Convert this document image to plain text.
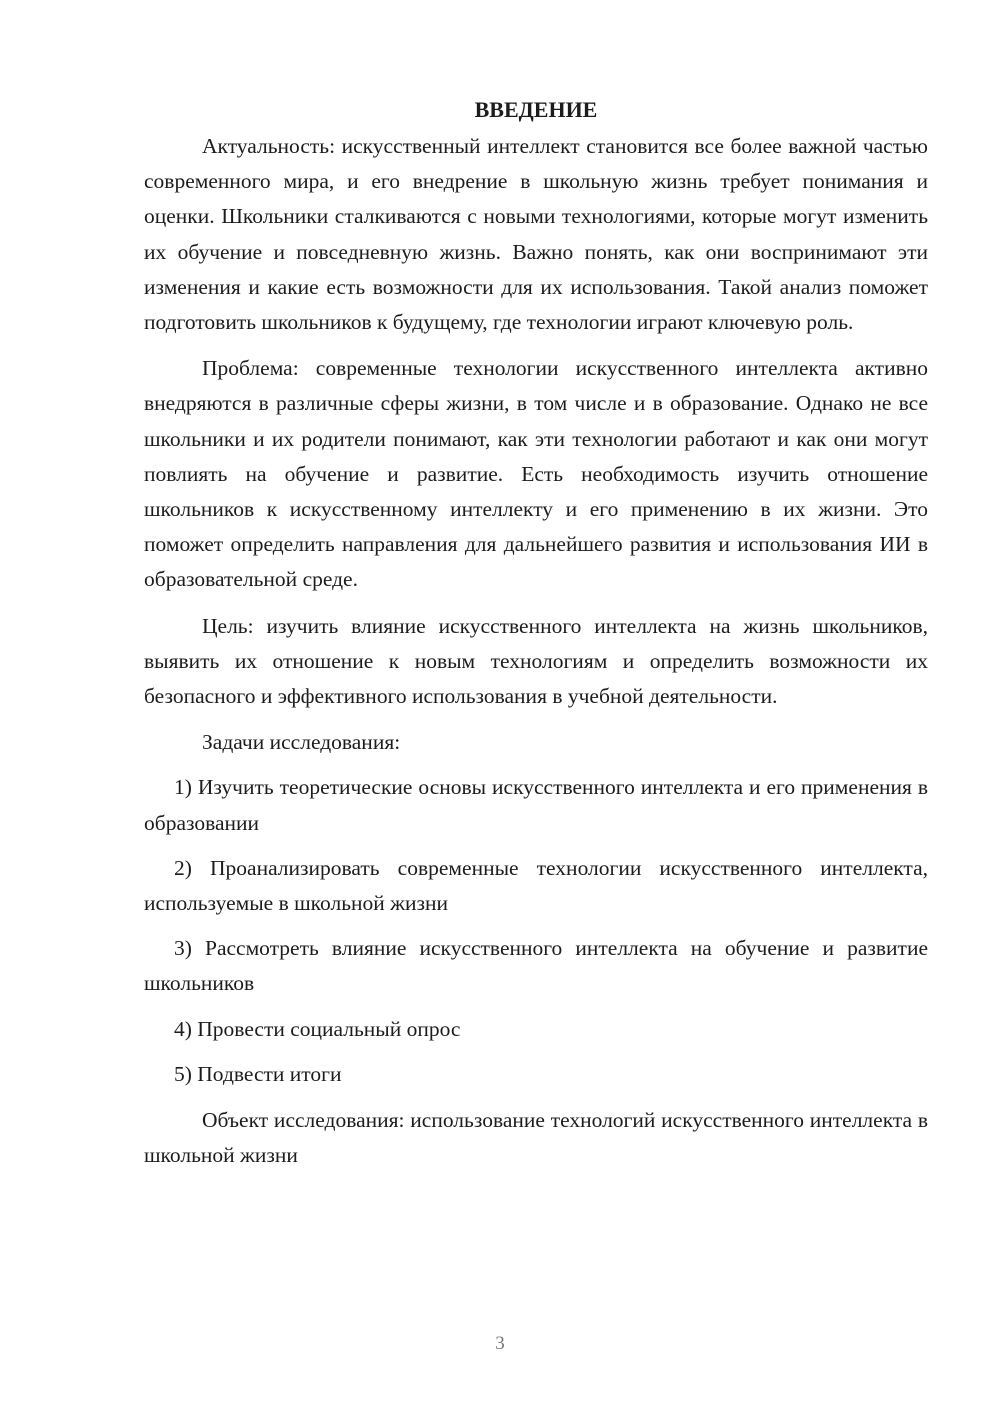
ВВЕДЕНИЕ

Актуальность: искусственный интеллект становится все более важной частью современного мира, и его внедрение в школьную жизнь требует понимания и оценки. Школьники сталкиваются с новыми технологиями, которые могут изменить их обучение и повседневную жизнь. Важно понять, как они воспринимают эти изменения и какие есть возможности для их использования. Такой анализ поможет подготовить школьников к будущему, где технологии играют ключевую роль.

Проблема: современные технологии искусственного интеллекта активно внедряются в различные сферы жизни, в том числе и в образование. Однако не все школьники и их родители понимают, как эти технологии работают и как они могут повлиять на обучение и развитие. Есть необходимость изучить отношение школьников к искусственному интеллекту и его применению в их жизни. Это поможет определить направления для дальнейшего развития и использования ИИ в образовательной среде.

Цель: изучить влияние искусственного интеллекта на жизнь школьников, выявить их отношение к новым технологиям и определить возможности их безопасного и эффективного использования в учебной деятельности.

Задачи исследования:

1) Изучить теоретические основы искусственного интеллекта и его применения в образовании

2) Проанализировать современные технологии искусственного интеллекта, используемые в школьной жизни

3) Рассмотреть влияние искусственного интеллекта на обучение и развитие школьников

4) Провести социальный опрос

5) Подвести итоги

Объект исследования: использование технологий искусственного интеллекта в школьной жизни

3
